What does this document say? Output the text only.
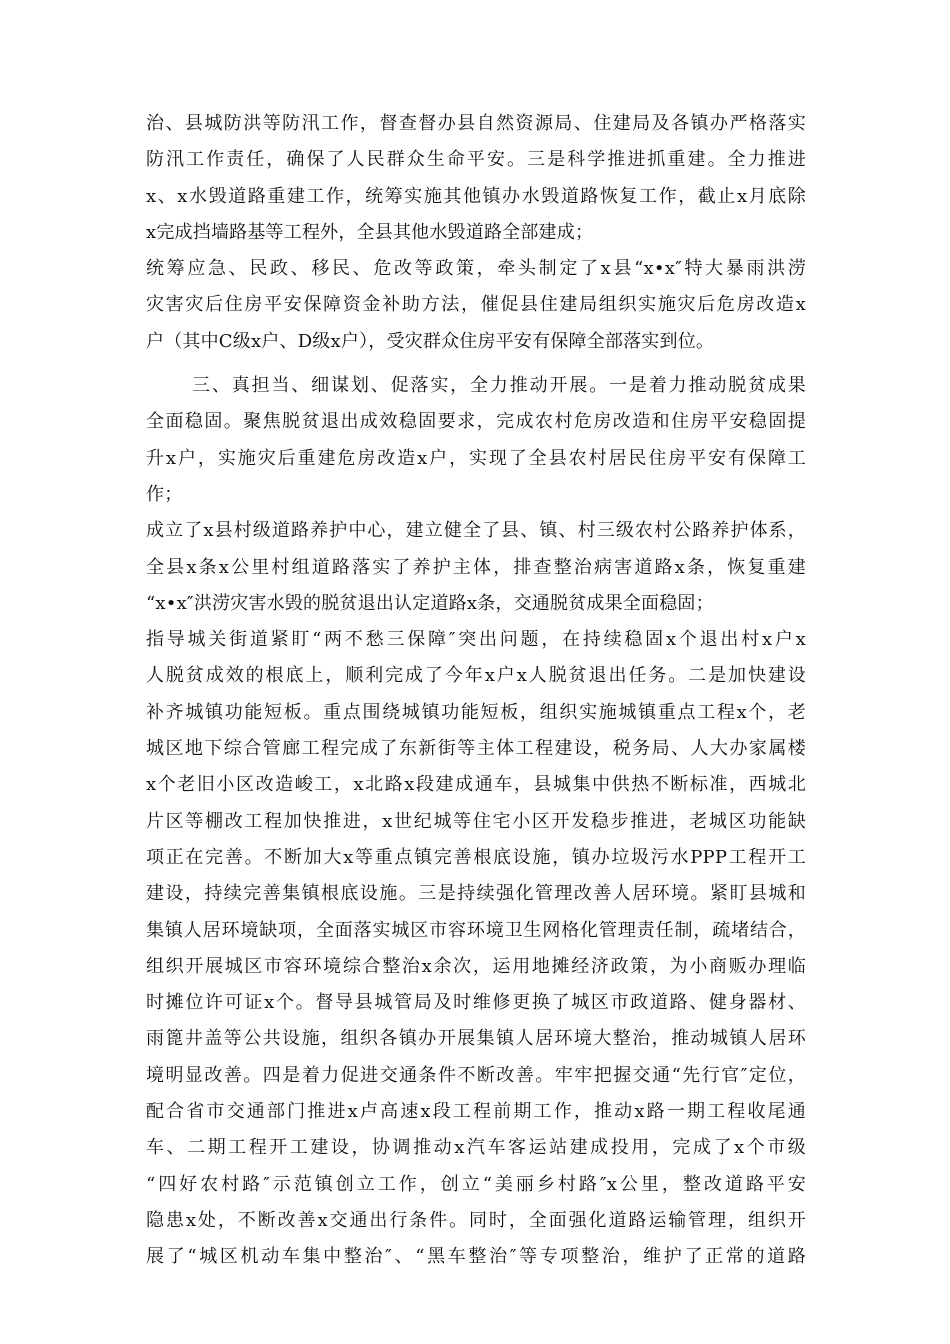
治、县城防洪等防汛工作，督查督办县自然资源局、住建局及各镇办严格落实
防汛工作责任，确保了人民群众生命平安。三是科学推进抓重建。全力推进
x、x水毁道路重建工作，统筹实施其他镇办水毁道路恢复工作，截止x月底除
x完成挡墙路基等工程外，全县其他水毁道路全部建成；
统筹应急、民政、移民、危改等政策，牵头制定了x县“x•x″特大暴雨洪涝
灾害灾后住房平安保障资金补助方法，催促县住建局组织实施灾后危房改造x
户（其中C级x户、D级x户），受灾群众住房平安有保障全部落实到位。
三、真担当、细谋划、促落实，全力推动开展。一是着力推动脱贫成果
全面稳固。聚焦脱贫退出成效稳固要求，完成农村危房改造和住房平安稳固提
升x户，实施灾后重建危房改造x户，实现了全县农村居民住房平安有保障工
作；
成立了x县村级道路养护中心，建立健全了县、镇、村三级农村公路养护体系，
全县x条x公里村组道路落实了养护主体，排查整治病害道路x条，恢复重建
“x•x″洪涝灾害水毁的脱贫退出认定道路x条，交通脱贫成果全面稳固；
指导城关街道紧盯“两不愁三保障″突出问题，在持续稳固x个退出村x户x
人脱贫成效的根底上，顺利完成了今年x户x人脱贫退出任务。二是加快建设
补齐城镇功能短板。重点围绕城镇功能短板，组织实施城镇重点工程x个，老
城区地下综合管廊工程完成了东新街等主体工程建设，税务局、人大办家属楼
x个老旧小区改造峻工，x北路x段建成通车，县城集中供热不断标准，西城北
片区等棚改工程加快推进，x世纪城等住宅小区开发稳步推进，老城区功能缺
项正在完善。不断加大x等重点镇完善根底设施，镇办垃圾污水PPP工程开工
建设，持续完善集镇根底设施。三是持续强化管理改善人居环境。紧盯县城和
集镇人居环境缺项，全面落实城区市容环境卫生网格化管理责任制，疏堵结合，
组织开展城区市容环境综合整治x余次，运用地摊经济政策，为小商贩办理临
时摊位许可证x个。督导县城管局及时维修更换了城区市政道路、健身器材、
雨篦井盖等公共设施，组织各镇办开展集镇人居环境大整治，推动城镇人居环
境明显改善。四是着力促进交通条件不断改善。牢牢把握交通“先行官″定位，
配合省市交通部门推进x卢高速x段工程前期工作，推动x路一期工程收尾通
车、二期工程开工建设，协调推动x汽车客运站建成投用，完成了x个市级
“四好农村路″示范镇创立工作，创立“美丽乡村路″x公里，整改道路平安
隐患x处，不断改善x交通出行条件。同时，全面强化道路运输管理，组织开
展了“城区机动车集中整治″、“黑车整治″等专项整治，维护了正常的道路
